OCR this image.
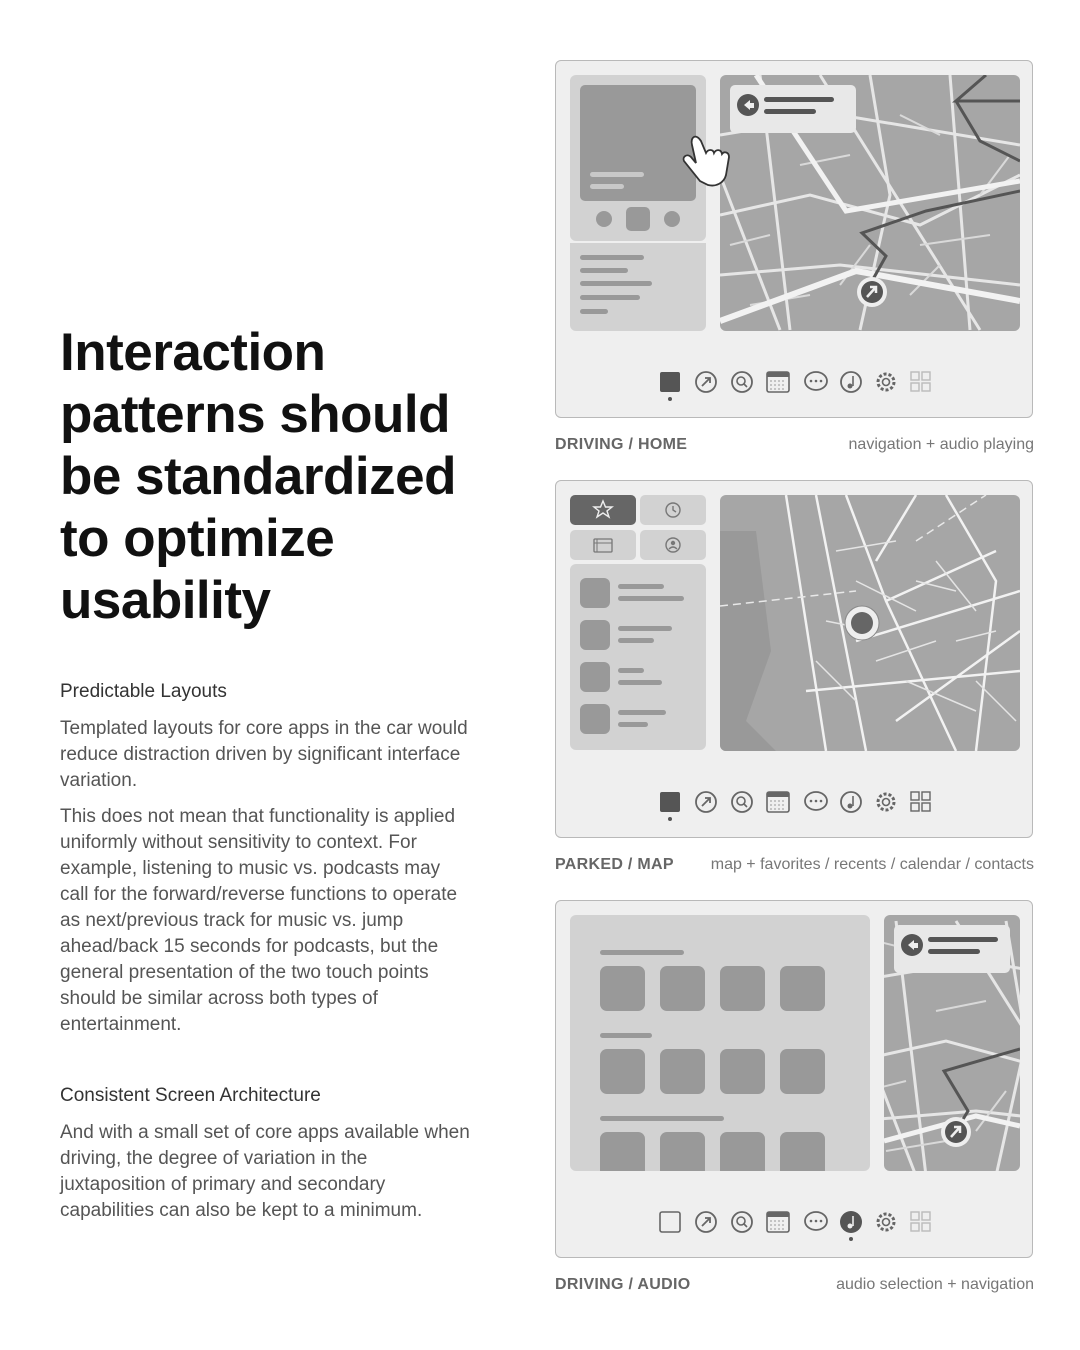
Interaction patterns should be standardized to optimize usability
Predictable Layouts

Templated layouts for core apps in the car would reduce distraction driven by significant interface variation.

This does not mean that functionality is applied uniformly without sensitivity to context. For example, listening to music vs. podcasts may call for the forward/reverse functions to operate as next/previous track for music vs. jump ahead/back 15 seconds for podcasts, but the general presentation of the two touch points should be similar across both types of entertainment.

Consistent Screen Architecture

And with a small set of core apps available when driving, the degree of variation in the juxtaposition of primary and secondary capabilities can also be kept to a minimum.

DRIVING / HOME	navigation + audio playing
PARKED / MAP map + favorites / recents / calendar / contacts
DRIVING / AUDIO	audio selection + navigation
